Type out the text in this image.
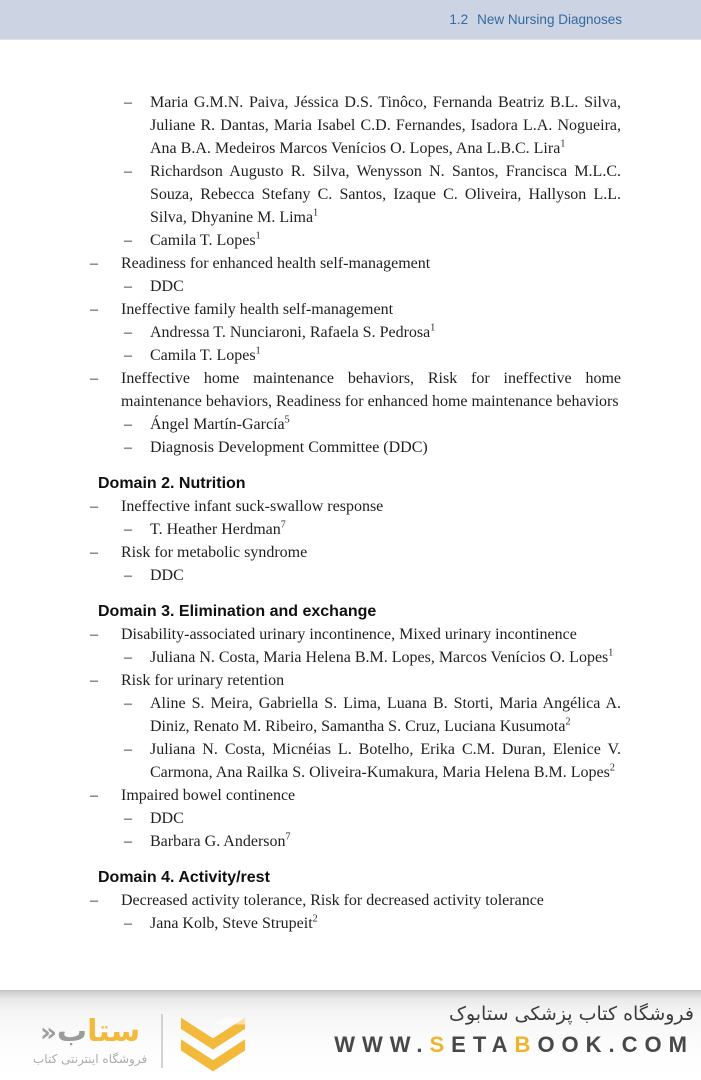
1.2 New Nursing Diagnoses
– Maria G.M.N. Paiva, Jéssica D.S. Tinôco, Fernanda Beatriz B.L. Silva, Juliane R. Dantas, Maria Isabel C.D. Fernandes, Isadora L.A. Nogueira, Ana B.A. Medeiros Marcos Venícios O. Lopes, Ana L.B.C. Lira$^1$
– Richardson Augusto R. Silva, Wenysson N. Santos, Francisca M.L.C. Souza, Rebecca Stefany C. Santos, Izaque C. Oliveira, Hallyson L.L. Silva, Dhyanine M. Lima$^1$
– Camila T. Lopes$^1$
– Readiness for enhanced health self-management
– DDC
– Ineffective family health self-management
– Andressa T. Nunciaroni, Rafaela S. Pedrosa$^1$
– Camila T. Lopes$^1$
– Ineffective home maintenance behaviors, Risk for ineffective home maintenance behaviors, Readiness for enhanced home maintenance behaviors
– Ángel Martín-García$^5$
– Diagnosis Development Committee (DDC)
Domain 2. Nutrition
– Ineffective infant suck-swallow response
– T. Heather Herdman$^7$
– Risk for metabolic syndrome
– DDC
Domain 3. Elimination and exchange
– Disability-associated urinary incontinence, Mixed urinary incontinence
– Juliana N. Costa, Maria Helena B.M. Lopes, Marcos Venícios O. Lopes$^1$
– Risk for urinary retention
– Aline S. Meira, Gabriella S. Lima, Luana B. Storti, Maria Angélica A. Diniz, Renato M. Ribeiro, Samantha S. Cruz, Luciana Kusumota$^2$
– Juliana N. Costa, Micnéias L. Botelho, Erika C.M. Duran, Elenice V. Carmona, Ana Railka S. Oliveira-Kumakura, Maria Helena B.M. Lopes$^2$
– Impaired bowel continence
– DDC
– Barbara G. Anderson$^7$
Domain 4. Activity/rest
– Decreased activity tolerance, Risk for decreased activity tolerance
– Jana Kolb, Steve Strupeit$^2$
ستاب«
فروشگاه اینترنتی کتاب
فروشگاه کتاب پزشکی ستابوک
WWW.SETABOOK.COM
